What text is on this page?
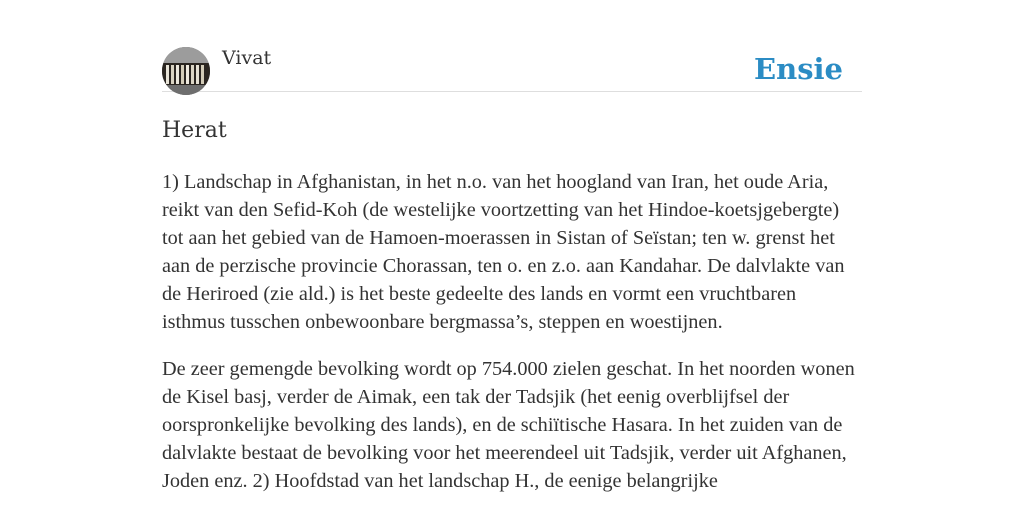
Vivat	Ensie
Herat

1) Landschap in Afghanistan, in het n.o. van het hoogland van Iran, het oude Aria, reikt van den Sefid-Koh (de westelijke voortzetting van het Hindoe-koetsjgebergte) tot aan het gebied van de Hamoen-moerassen in Sistan of Seïstan; ten w. grenst het aan de perzische provincie Chorassan, ten o. en z.o. aan Kandahar. De dalvlakte van de Heriroed (zie ald.) is het beste gedeelte des lands en vormt een vruchtbaren isthmus tusschen onbewoonbare bergmassa’s, steppen en woestijnen.

De zeer gemengde bevolking wordt op 754.000 zielen geschat. In het noorden wonen de Kisel basj, verder de Aimak, een tak der Tadsjik (het eenig overblijfsel der oorspronkelijke bevolking des lands), en de schiïtische Hasara. In het zuiden van de dalvlakte bestaat de bevolking voor het meerendeel uit Tadsjik, verder uit Afghanen, Joden enz. 2) Hoofdstad van het landschap H., de eenige belangrijke
